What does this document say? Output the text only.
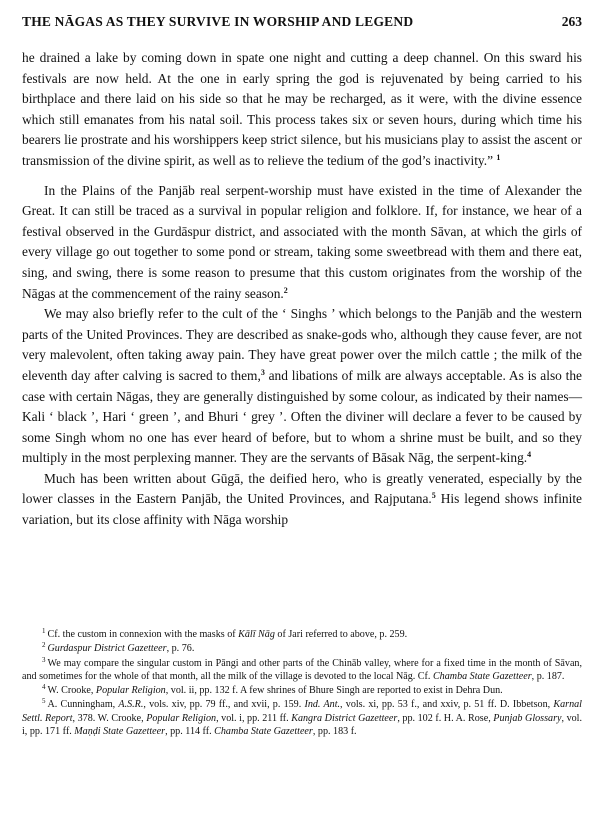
THE NĀGAS AS THEY SURVIVE IN WORSHIP AND LEGEND	263

he drained a lake by coming down in spate one night and cutting a deep channel. On this sward his festivals are now held. At the one in early spring the god is rejuvenated by being carried to his birthplace and there laid on his side so that he may be recharged, as it were, with the divine essence which still emanates from his natal soil. This process takes six or seven hours, during which time his bearers lie prostrate and his worshippers keep strict silence, but his musicians play to assist the ascent or transmission of the divine spirit, as well as to relieve the tedium of the god’s inactivity.” $^1$

In the Plains of the Panjāb real serpent-worship must have existed in the time of Alexander the Great. It can still be traced as a survival in popular religion and folklore. If, for instance, we hear of a festival observed in the Gurdāspur district, and associated with the month Sāvan, at which the girls of every village go out together to some pond or stream, taking some sweetbread with them and there eat, sing, and swing, there is some reason to presume that this custom originates from the worship of the Nāgas at the commencement of the rainy season.$^2$

We may also briefly refer to the cult of the ‘ Singhs ’ which belongs to the Panjāb and the western parts of the United Provinces. They are described as snake-gods who, although they cause fever, are not very malevolent, often taking away pain. They have great power over the milch cattle ; the milk of the eleventh day after calving is sacred to them,$^3$ and libations of milk are always acceptable. As is also the case with certain Nāgas, they are generally distinguished by some colour, as indicated by their names—Kali ‘ black ’, Hari ‘ green ’, and Bhuri ‘ grey ’. Often the diviner will declare a fever to be caused by some Singh whom no one has ever heard of before, but to whom a shrine must be built, and so they multiply in the most perplexing manner. They are the servants of Bāsak Nāg, the serpent-king.$^4$

Much has been written about Gūgā, the deified hero, who is greatly venerated, especially by the lower classes in the Eastern Panjāb, the United Provinces, and Rajputana.$^5$ His legend shows infinite variation, but its close affinity with Nāga worship

$^1$ Cf. the custom in connexion with the masks of Kālī Nāg of Jari referred to above, p. 259.

$^2$ Gurdaspur District Gazetteer, p. 76.

$^3$ We may compare the singular custom in Pāngi and other parts of the Chināb valley, where for a fixed time in the month of Sāvan, and sometimes for the whole of that month, all the milk of the village is devoted to the local Nāg. Cf. Chamba State Gazetteer, p. 187.

$^4$ W. Crooke, Popular Religion, vol. ii, pp. 132 f. A few shrines of Bhure Singh are reported to exist in Dehra Dun.

$^5$ A. Cunningham, A.S.R., vols. xiv, pp. 79 ff., and xvii, p. 159. Ind. Ant., vols. xi, pp. 53 f., and xxiv, p. 51 ff. D. Ibbetson, Karnal Settl. Report, 378. W. Crooke, Popular Religion, vol. i, pp. 211 ff. Kangra District Gazetteer, pp. 102 f. H. A. Rose, Punjab Glossary, vol. i, pp. 171 ff. Maṇḍi State Gazetteer, pp. 114 ff. Chamba State Gazetteer, pp. 183 f.
